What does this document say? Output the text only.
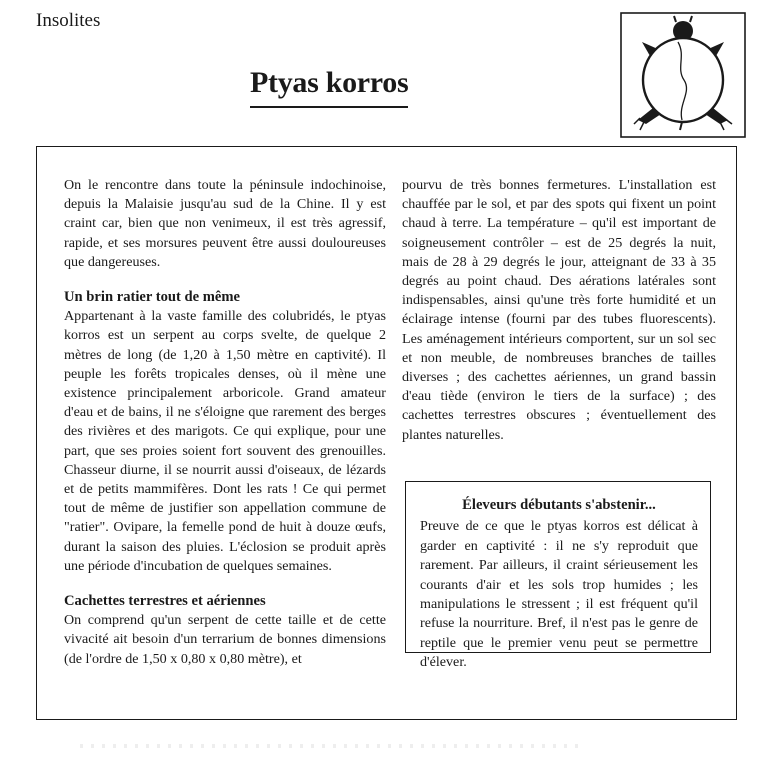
Insolites
Ptyas korros

On le rencontre dans toute la péninsule indochinoise, depuis la Malaisie jusqu'au sud de la Chine. Il y est craint car, bien que non venimeux, il est très agressif, rapide, et ses morsures peuvent être aussi douloureuses que dangereuses.

Un brin ratier tout de même

Appartenant à la vaste famille des colubridés, le ptyas korros est un serpent au corps svelte, de quelque 2 mètres de long (de 1,20 à 1,50 mètre en captivité). Il peuple les forêts tropicales denses, où il mène une existence principalement arboricole. Grand amateur d'eau et de bains, il ne s'éloigne que rarement des berges des rivières et des marigots. Ce qui explique, pour une part, que ses proies soient fort souvent des grenouilles. Chasseur diurne, il se nourrit aussi d'oiseaux, de lézards et de petits mammifères. Dont les rats ! Ce qui permet tout de même de justifier son appellation commune de "ratier". Ovipare, la femelle pond de huit à douze œufs, durant la saison des pluies. L'éclosion se produit après une période d'incubation de quelques semaines.

Cachettes terrestres et aériennes

On comprend qu'un serpent de cette taille et de cette vivacité ait besoin d'un terrarium de bonnes dimensions (de l'ordre de 1,50 x 0,80 x 0,80 mètre), et

pourvu de très bonnes fermetures. L'installation est chauffée par le sol, et par des spots qui fixent un point chaud à terre. La température – qu'il est important de soigneusement contrôler – est de 25 degrés la nuit, mais de 28 à 29 degrés le jour, atteignant de 33 à 35 degrés au point chaud. Des aérations latérales sont indispensables, ainsi qu'une très forte humidité et un éclairage intense (fourni par des tubes fluorescents). Les aménagement intérieurs comportent, sur un sol sec et non meuble, de nombreuses branches de tailles diverses ; des cachettes aériennes, un grand bassin d'eau tiède (environ le tiers de la surface) ; des cachettes terrestres obscures ; éventuellement des plantes naturelles.

Éleveurs débutants s'abstenir...

Preuve de ce que le ptyas korros est délicat à garder en captivité : il ne s'y reproduit que rarement. Par ailleurs, il craint sérieusement les courants d'air et les sols trop humides ; les manipulations le stressent ; il est fréquent qu'il refuse la nourriture. Bref, il n'est pas le genre de reptile que le premier venu peut se permettre d'élever.
